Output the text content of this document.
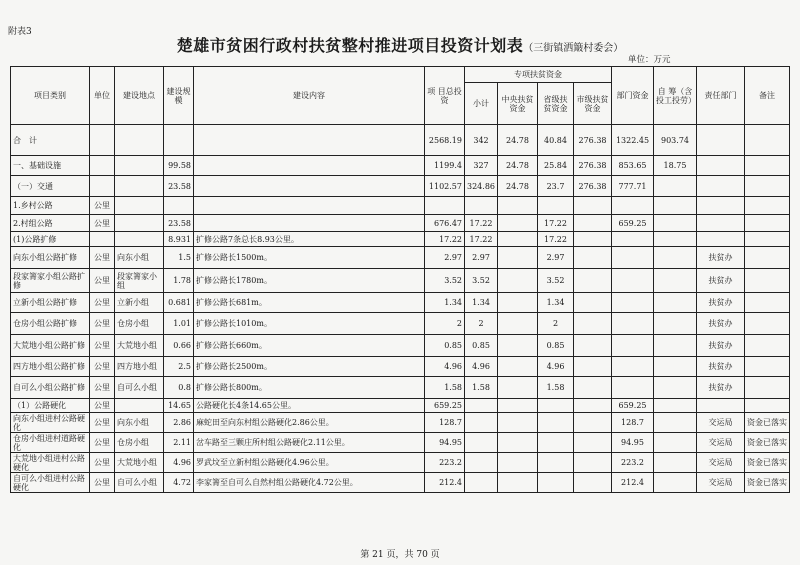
附表3
楚雄市贫困行政村扶贫整村推进项目投资计划表（三街镇洒簸村委会）
单位：万元
项目类别	单位	建设地点	建设规模	建设内容	项 目总投资	专项扶贫资金				部门资金	自 筹（含投工投劳）	责任部门	备注
						小计	中央扶贫资金	省级扶贫资金	市级扶贫资金				
合　计					2568.19	342	24.78	40.84	276.38	1322.45	903.74		
一、基础设施			99.58		1199.4	327	24.78	25.84	276.38	853.65	18.75		
（一）交通			23.58		1102.57	324.86	24.78	23.7	276.38	777.71			
1.乡村公路	公里												
2.村组公路	公里		23.58		676.47	17.22		17.22		659.25			
(1)公路扩修			8.931	扩修公路7条总长8.93公里。	17.22	17.22		17.22					
向东小组公路扩修	公里	向东小组	1.5	扩修公路长1500m。	2.97	2.97		2.97				扶贫办	
段家箐家小组公路扩修	公里	段家箐家小组	1.78	扩修公路长1780m。	3.52	3.52		3.52				扶贫办	
立新小组公路扩修	公里	立新小组	0.681	扩修公路长681m。	1.34	1.34		1.34				扶贫办	
仓房小组公路扩修	公里	仓房小组	1.01	扩修公路长1010m。	2	2		2				扶贫办	
大荒地小组公路扩修	公里	大荒地小组	0.66	扩修公路长660m。	0.85	0.85		0.85				扶贫办	
四方地小组公路扩修	公里	四方地小组	2.5	扩修公路长2500m。	4.96	4.96		4.96				扶贫办	
自可么小组公路扩修	公里	自可么小组	0.8	扩修公路长800m。	1.58	1.58		1.58				扶贫办	
（1）公路硬化	公里		14.65	公路硬化长4条14.65公里。	659.25					659.25			
向东小组进村公路硬化	公里	向东小组	2.86	麻蛇田至向东村组公路硬化2.86公里。	128.7					128.7		交运局	资金已落实
仓房小组进村道路硬化	公里	仓房小组	2.11	岔车路至三颗庄所村组公路硬化2.11公里。	94.95					94.95		交运局	资金已落实
大荒地小组进村公路硬化	公里	大荒地小组	4.96	罗武坟至立新村组公路硬化4.96公里。	223.2					223.2		交运局	资金已落实
自可么小组进村公路硬化	公里	自可么小组	4.72	李家箐至自可么自然村组公路硬化4.72公里。	212.4					212.4		交运局	资金已落实
第 21 页，共 70 页
